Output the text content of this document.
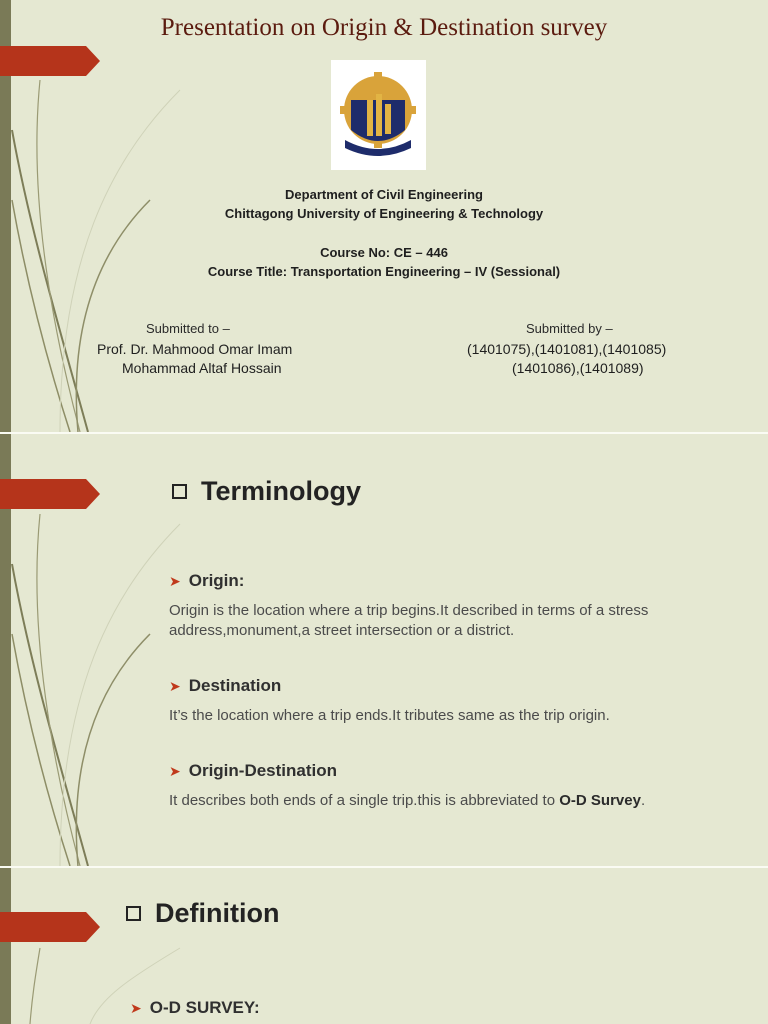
Presentation on Origin & Destination survey
Department of Civil Engineering
Chittagong University of Engineering & Technology
Course No: CE – 446
Course Title: Transportation Engineering – IV (Sessional)
Submitted to –
Prof. Dr. Mahmood Omar Imam
Mohammad Altaf Hossain
Submitted by –
(1401075),(1401081),(1401085)
(1401086),(1401089)
Terminology
➤ Origin:
Origin is the location where a trip begins.It described in terms of a stress address,monument,a street intersection or a district.
➤ Destination
It’s the location where a trip ends.It tributes same as the trip origin.
➤ Origin-Destination
It describes both ends of a single trip.this is abbreviated to O-D Survey.
Definition
➤ O-D SURVEY:
